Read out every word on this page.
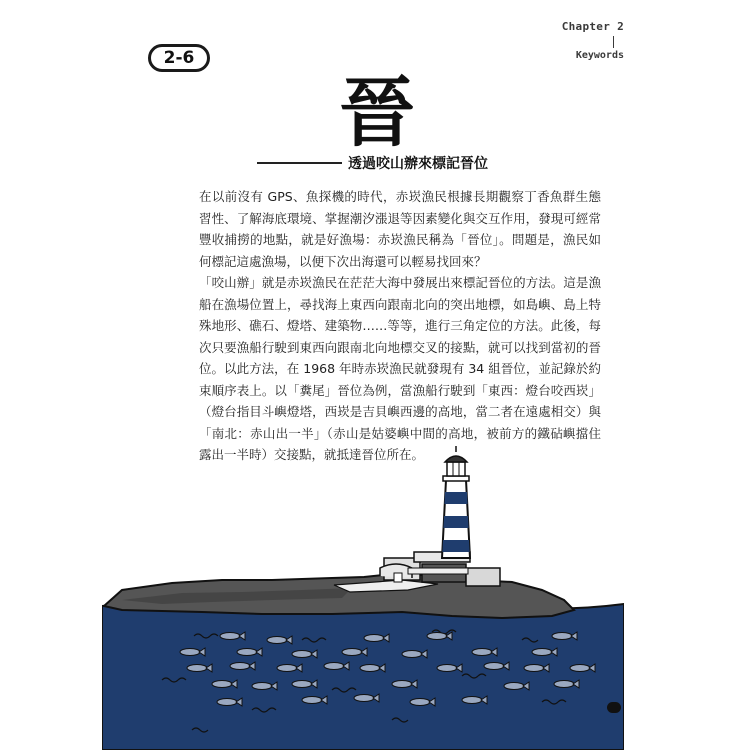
Chapter 2
Keywords
2-6
晉
透過咬山辦來標記晉位

在以前沒有 GPS、魚探機的時代，赤崁漁民根據長期觀察丁香魚群生態習性、了解海底環境、掌握潮汐漲退等因素變化與交互作用，發現可經常豐收捕撈的地點，就是好漁場：赤崁漁民稱為「晉位」。問題是，漁民如何標記這處漁場，以便下次出海還可以輕易找回來？

「咬山辦」就是赤崁漁民在茫茫大海中發展出來標記晉位的方法。這是漁船在漁場位置上，尋找海上東西向跟南北向的突出地標，如島嶼、島上特殊地形、礁石、燈塔、建築物……等等，進行三角定位的方法。此後，每次只要漁船行駛到東西向跟南北向地標交叉的接點，就可以找到當初的晉位。以此方法，在 1968 年時赤崁漁民就發現有 34 組晉位，並記錄於約束順序表上。以「糞尾」晉位為例，當漁船行駛到「東西：燈台咬西崁」（燈台指目斗嶼燈塔，西崁是吉貝嶼西邊的高地，當二者在遠處相交）與「南北：赤山出一半」（赤山是姑婆嶼中間的高地，被前方的鐵砧嶼擋住露出一半時）交接點，就抵達晉位所在。
